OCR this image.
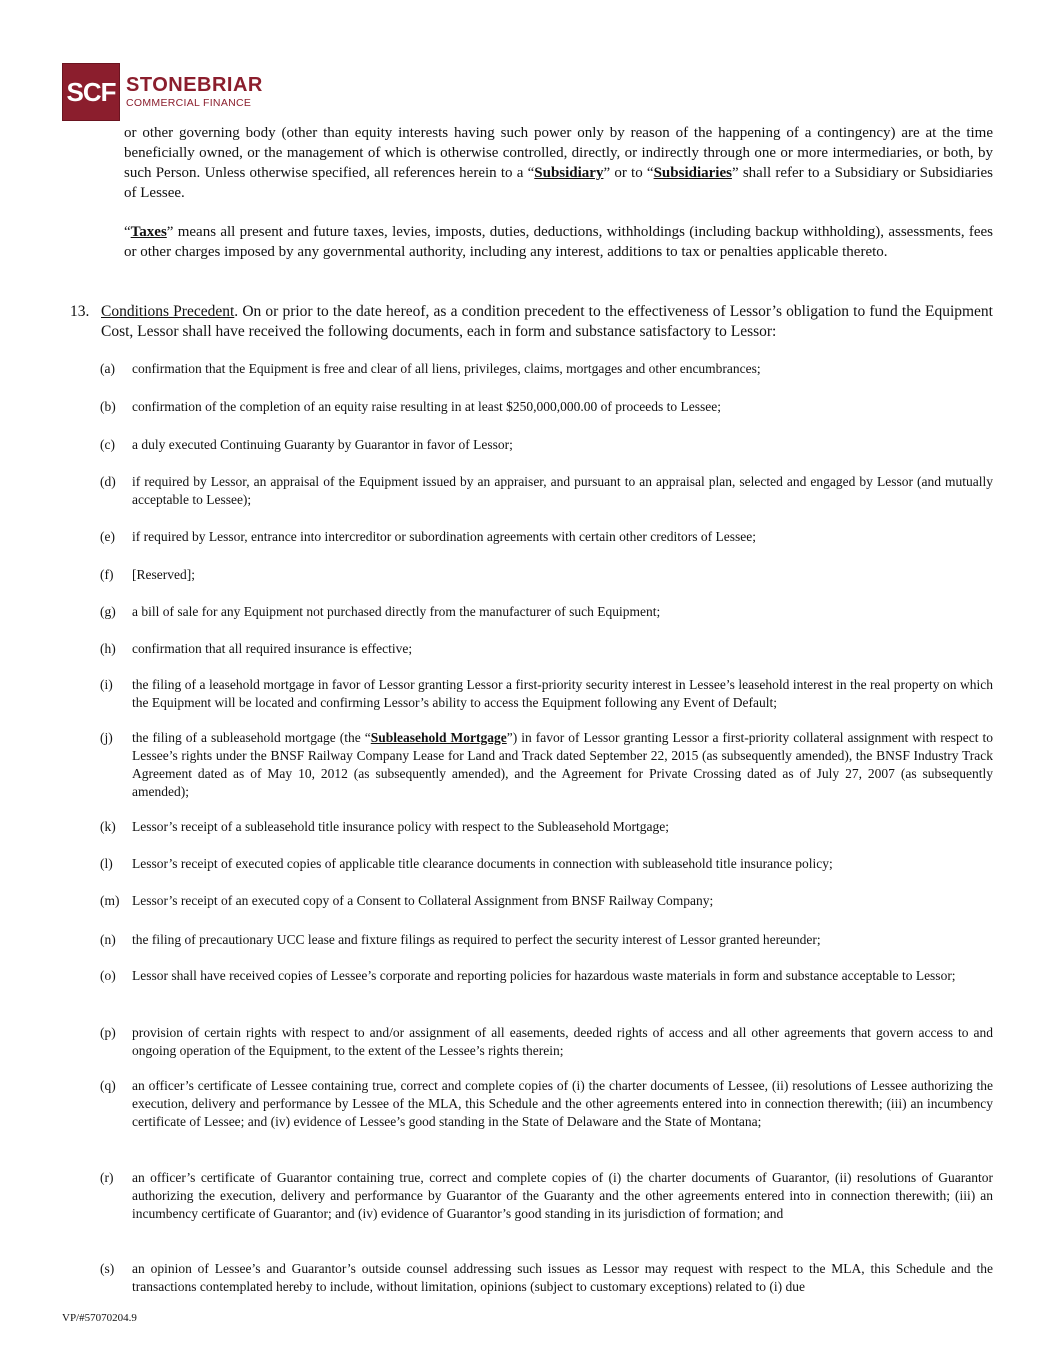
SCF STONEBRIAR
COMMERCIAL FINANCE
or other governing body (other than equity interests having such power only by reason of the happening of a contingency) are at the time beneficially owned, or the management of which is otherwise controlled, directly, or indirectly through one or more intermediaries, or both, by such Person. Unless otherwise specified, all references herein to a “Subsidiary” or to “Subsidiaries” shall refer to a Subsidiary or Subsidiaries of Lessee.
“Taxes” means all present and future taxes, levies, imposts, duties, deductions, withholdings (including backup withholding), assessments, fees or other charges imposed by any governmental authority, including any interest, additions to tax or penalties applicable thereto.
13. Conditions Precedent. On or prior to the date hereof, as a condition precedent to the effectiveness of Lessor’s obligation to fund the Equipment Cost, Lessor shall have received the following documents, each in form and substance satisfactory to Lessor:
(a) confirmation that the Equipment is free and clear of all liens, privileges, claims, mortgages and other encumbrances;
(b) confirmation of the completion of an equity raise resulting in at least $250,000,000.00 of proceeds to Lessee;
(c) a duly executed Continuing Guaranty by Guarantor in favor of Lessor;
(d) if required by Lessor, an appraisal of the Equipment issued by an appraiser, and pursuant to an appraisal plan, selected and engaged by Lessor (and mutually acceptable to Lessee);
(e) if required by Lessor, entrance into intercreditor or subordination agreements with certain other creditors of Lessee;
(f) [Reserved];
(g) a bill of sale for any Equipment not purchased directly from the manufacturer of such Equipment;
(h) confirmation that all required insurance is effective;
(i) the filing of a leasehold mortgage in favor of Lessor granting Lessor a first-priority security interest in Lessee’s leasehold interest in the real property on which the Equipment will be located and confirming Lessor’s ability to access the Equipment following any Event of Default;
(j) the filing of a subleasehold mortgage (the “Subleasehold Mortgage”) in favor of Lessor granting Lessor a first-priority collateral assignment with respect to Lessee’s rights under the BNSF Railway Company Lease for Land and Track dated September 22, 2015 (as subsequently amended), the BNSF Industry Track Agreement dated as of May 10, 2012 (as subsequently amended), and the Agreement for Private Crossing dated as of July 27, 2007 (as subsequently amended);
(k) Lessor’s receipt of a subleasehold title insurance policy with respect to the Subleasehold Mortgage;
(l) Lessor’s receipt of executed copies of applicable title clearance documents in connection with subleasehold title insurance policy;
(m) Lessor’s receipt of an executed copy of a Consent to Collateral Assignment from BNSF Railway Company;
(n) the filing of precautionary UCC lease and fixture filings as required to perfect the security interest of Lessor granted hereunder;
(o) Lessor shall have received copies of Lessee’s corporate and reporting policies for hazardous waste materials in form and substance acceptable to Lessor;
(p) provision of certain rights with respect to and/or assignment of all easements, deeded rights of access and all other agreements that govern access to and ongoing operation of the Equipment, to the extent of the Lessee’s rights therein;
(q) an officer’s certificate of Lessee containing true, correct and complete copies of (i) the charter documents of Lessee, (ii) resolutions of Lessee authorizing the execution, delivery and performance by Lessee of the MLA, this Schedule and the other agreements entered into in connection therewith; (iii) an incumbency certificate of Lessee; and (iv) evidence of Lessee’s good standing in the State of Delaware and the State of Montana;
(r) an officer’s certificate of Guarantor containing true, correct and complete copies of (i) the charter documents of Guarantor, (ii) resolutions of Guarantor authorizing the execution, delivery and performance by Guarantor of the Guaranty and the other agreements entered into in connection therewith; (iii) an incumbency certificate of Guarantor; and (iv) evidence of Guarantor’s good standing in its jurisdiction of formation; and
(s) an opinion of Lessee’s and Guarantor’s outside counsel addressing such issues as Lessor may request with respect to the MLA, this Schedule and the transactions contemplated hereby to include, without limitation, opinions (subject to customary exceptions) related to (i) due
VP/#57070204.9
